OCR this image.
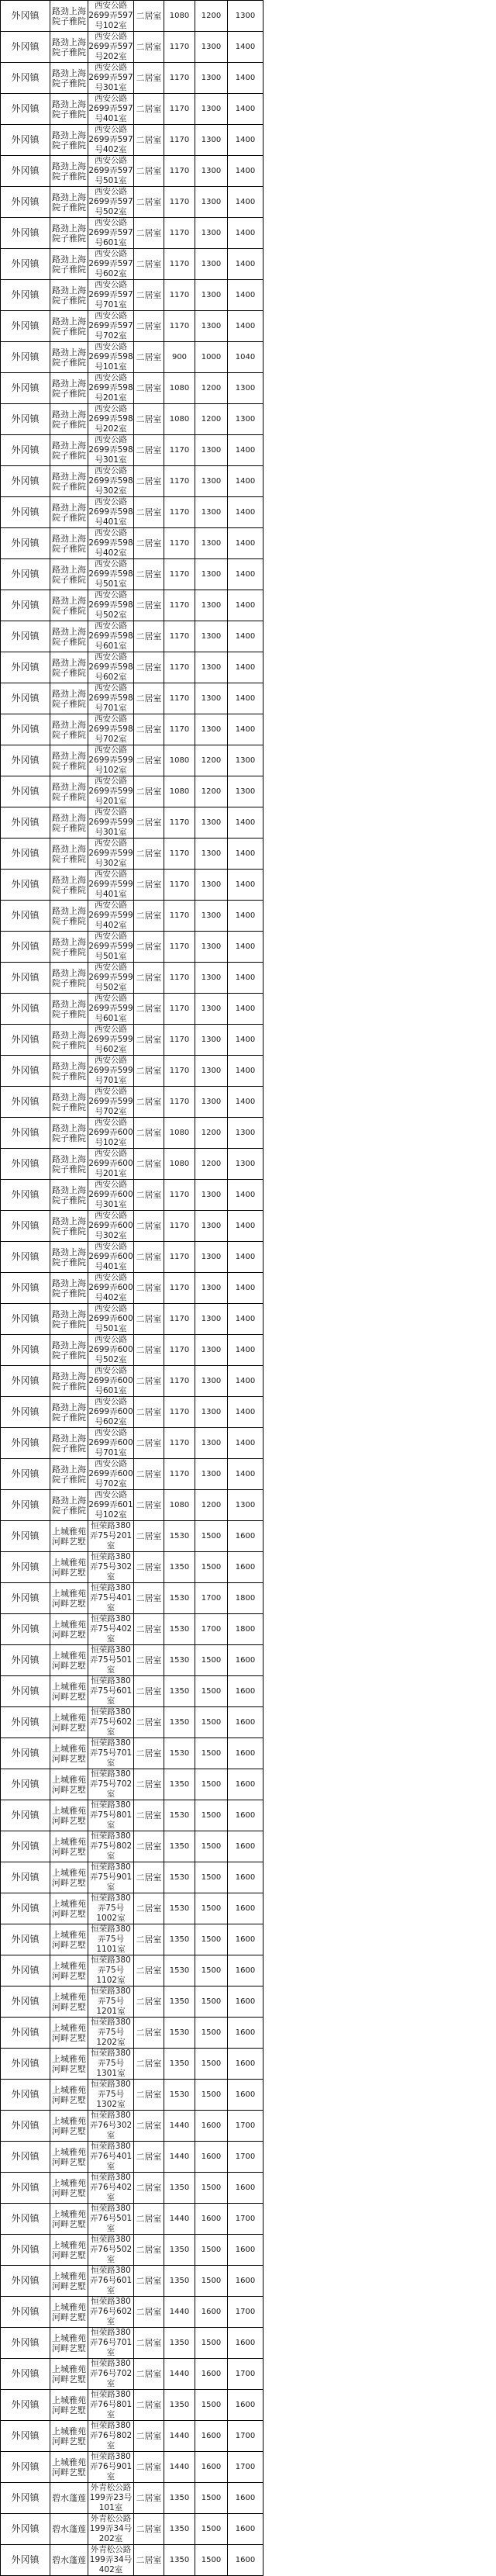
外冈镇	路劲上海院子雅院	西安公路2699弄597号102室	二居室	1080	1200	1300
外冈镇	路劲上海院子雅院	西安公路2699弄597号202室	二居室	1170	1300	1400
外冈镇	路劲上海院子雅院	西安公路2699弄597号301室	二居室	1170	1300	1400
外冈镇	路劲上海院子雅院	西安公路2699弄597号401室	二居室	1170	1300	1400
外冈镇	路劲上海院子雅院	西安公路2699弄597号402室	二居室	1170	1300	1400
外冈镇	路劲上海院子雅院	西安公路2699弄597号501室	二居室	1170	1300	1400
外冈镇	路劲上海院子雅院	西安公路2699弄597号502室	二居室	1170	1300	1400
外冈镇	路劲上海院子雅院	西安公路2699弄597号601室	二居室	1170	1300	1400
外冈镇	路劲上海院子雅院	西安公路2699弄597号602室	二居室	1170	1300	1400
外冈镇	路劲上海院子雅院	西安公路2699弄597号701室	二居室	1170	1300	1400
外冈镇	路劲上海院子雅院	西安公路2699弄597号702室	二居室	1170	1300	1400
外冈镇	路劲上海院子雅院	西安公路2699弄598号101室	二居室	900	1000	1040
外冈镇	路劲上海院子雅院	西安公路2699弄598号201室	二居室	1080	1200	1300
外冈镇	路劲上海院子雅院	西安公路2699弄598号202室	二居室	1080	1200	1300
外冈镇	路劲上海院子雅院	西安公路2699弄598号301室	二居室	1170	1300	1400
外冈镇	路劲上海院子雅院	西安公路2699弄598号302室	二居室	1170	1300	1400
外冈镇	路劲上海院子雅院	西安公路2699弄598号401室	二居室	1170	1300	1400
外冈镇	路劲上海院子雅院	西安公路2699弄598号402室	二居室	1170	1300	1400
外冈镇	路劲上海院子雅院	西安公路2699弄598号501室	二居室	1170	1300	1400
外冈镇	路劲上海院子雅院	西安公路2699弄598号502室	二居室	1170	1300	1400
外冈镇	路劲上海院子雅院	西安公路2699弄598号601室	二居室	1170	1300	1400
外冈镇	路劲上海院子雅院	西安公路2699弄598号602室	二居室	1170	1300	1400
外冈镇	路劲上海院子雅院	西安公路2699弄598号701室	二居室	1170	1300	1400
外冈镇	路劲上海院子雅院	西安公路2699弄598号702室	二居室	1170	1300	1400
外冈镇	路劲上海院子雅院	西安公路2699弄599号102室	二居室	1080	1200	1300
外冈镇	路劲上海院子雅院	西安公路2699弄599号201室	二居室	1080	1200	1300
外冈镇	路劲上海院子雅院	西安公路2699弄599号301室	二居室	1170	1300	1400
外冈镇	路劲上海院子雅院	西安公路2699弄599号302室	二居室	1170	1300	1400
外冈镇	路劲上海院子雅院	西安公路2699弄599号401室	二居室	1170	1300	1400
外冈镇	路劲上海院子雅院	西安公路2699弄599号402室	二居室	1170	1300	1400
外冈镇	路劲上海院子雅院	西安公路2699弄599号501室	二居室	1170	1300	1400
外冈镇	路劲上海院子雅院	西安公路2699弄599号502室	二居室	1170	1300	1400
外冈镇	路劲上海院子雅院	西安公路2699弄599号601室	二居室	1170	1300	1400
外冈镇	路劲上海院子雅院	西安公路2699弄599号602室	二居室	1170	1300	1400
外冈镇	路劲上海院子雅院	西安公路2699弄599号701室	二居室	1170	1300	1400
外冈镇	路劲上海院子雅院	西安公路2699弄599号702室	二居室	1170	1300	1400
外冈镇	路劲上海院子雅院	西安公路2699弄600号102室	二居室	1080	1200	1300
外冈镇	路劲上海院子雅院	西安公路2699弄600号201室	二居室	1080	1200	1300
外冈镇	路劲上海院子雅院	西安公路2699弄600号301室	二居室	1170	1300	1400
外冈镇	路劲上海院子雅院	西安公路2699弄600号302室	二居室	1170	1300	1400
外冈镇	路劲上海院子雅院	西安公路2699弄600号401室	二居室	1170	1300	1400
外冈镇	路劲上海院子雅院	西安公路2699弄600号402室	二居室	1170	1300	1400
外冈镇	路劲上海院子雅院	西安公路2699弄600号501室	二居室	1170	1300	1400
外冈镇	路劲上海院子雅院	西安公路2699弄600号502室	二居室	1170	1300	1400
外冈镇	路劲上海院子雅院	西安公路2699弄600号601室	二居室	1170	1300	1400
外冈镇	路劲上海院子雅院	西安公路2699弄600号602室	二居室	1170	1300	1400
外冈镇	路劲上海院子雅院	西安公路2699弄600号701室	二居室	1170	1300	1400
外冈镇	路劲上海院子雅院	西安公路2699弄600号702室	二居室	1170	1300	1400
外冈镇	路劲上海院子雅院	西安公路2699弄601号102室	二居室	1080	1200	1300
外冈镇	上城雅苑河畔艺墅	恒荣路380弄75号201室	二居室	1530	1500	1600
外冈镇	上城雅苑河畔艺墅	恒荣路380弄75号302室	二居室	1350	1500	1600
外冈镇	上城雅苑河畔艺墅	恒荣路380弄75号401室	二居室	1530	1700	1800
外冈镇	上城雅苑河畔艺墅	恒荣路380弄75号402室	二居室	1530	1700	1800
外冈镇	上城雅苑河畔艺墅	恒荣路380弄75号501室	二居室	1530	1500	1600
外冈镇	上城雅苑河畔艺墅	恒荣路380弄75号601室	二居室	1350	1500	1600
外冈镇	上城雅苑河畔艺墅	恒荣路380弄75号602室	二居室	1350	1500	1600
外冈镇	上城雅苑河畔艺墅	恒荣路380弄75号701室	二居室	1530	1500	1600
外冈镇	上城雅苑河畔艺墅	恒荣路380弄75号702室	二居室	1350	1500	1600
外冈镇	上城雅苑河畔艺墅	恒荣路380弄75号801室	二居室	1530	1500	1600
外冈镇	上城雅苑河畔艺墅	恒荣路380弄75号802室	二居室	1350	1500	1600
外冈镇	上城雅苑河畔艺墅	恒荣路380弄75号901室	二居室	1530	1500	1600
外冈镇	上城雅苑河畔艺墅	恒荣路380弄75号1002室	二居室	1530	1500	1600
外冈镇	上城雅苑河畔艺墅	恒荣路380弄75号1101室	二居室	1350	1500	1600
外冈镇	上城雅苑河畔艺墅	恒荣路380弄75号1102室	二居室	1530	1500	1600
外冈镇	上城雅苑河畔艺墅	恒荣路380弄75号1201室	二居室	1350	1500	1600
外冈镇	上城雅苑河畔艺墅	恒荣路380弄75号1202室	二居室	1530	1500	1600
外冈镇	上城雅苑河畔艺墅	恒荣路380弄75号1301室	二居室	1350	1500	1600
外冈镇	上城雅苑河畔艺墅	恒荣路380弄75号1302室	二居室	1530	1500	1600
外冈镇	上城雅苑河畔艺墅	恒荣路380弄76号302室	二居室	1440	1600	1700
外冈镇	上城雅苑河畔艺墅	恒荣路380弄76号401室	二居室	1440	1600	1700
外冈镇	上城雅苑河畔艺墅	恒荣路380弄76号402室	二居室	1350	1500	1600
外冈镇	上城雅苑河畔艺墅	恒荣路380弄76号501室	二居室	1440	1600	1700
外冈镇	上城雅苑河畔艺墅	恒荣路380弄76号502室	二居室	1350	1500	1600
外冈镇	上城雅苑河畔艺墅	恒荣路380弄76号601室	二居室	1350	1500	1600
外冈镇	上城雅苑河畔艺墅	恒荣路380弄76号602室	二居室	1440	1600	1700
外冈镇	上城雅苑河畔艺墅	恒荣路380弄76号701室	二居室	1350	1500	1600
外冈镇	上城雅苑河畔艺墅	恒荣路380弄76号702室	二居室	1440	1600	1700
外冈镇	上城雅苑河畔艺墅	恒荣路380弄76号801室	二居室	1350	1500	1600
外冈镇	上城雅苑河畔艺墅	恒荣路380弄76号802室	二居室	1440	1600	1700
外冈镇	上城雅苑河畔艺墅	恒荣路380弄76号901室	二居室	1440	1600	1700
外冈镇	碧水蓬莲	外青松公路199弄23号101室	二居室	1350	1500	1600
外冈镇	碧水蓬莲	外青松公路199弄34号202室	二居室	1350	1500	1600
外冈镇	碧水蓬莲	外青松公路199弄34号402室	二居室	1350	1500	1600
